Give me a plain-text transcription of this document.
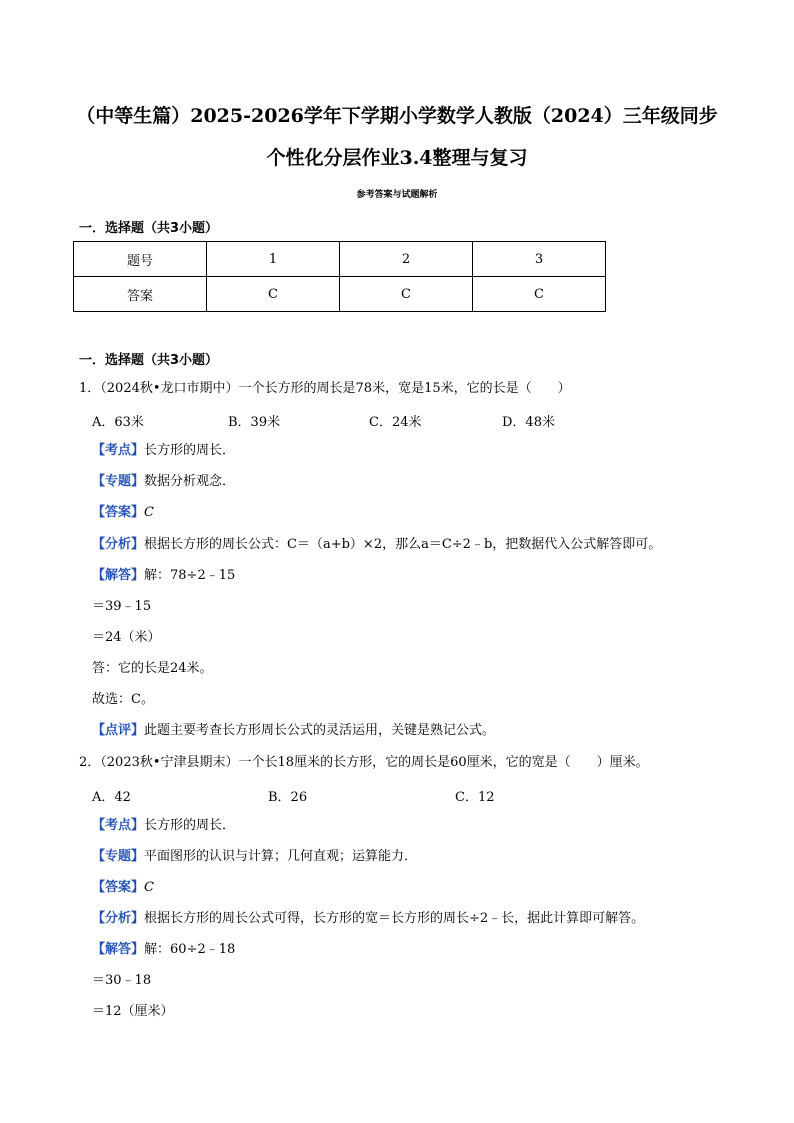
（中等生篇）2025-2026学年下学期小学数学人教版（2024）三年级同步
个性化分层作业3.4整理与复习
参考答案与试题解析
一．选择题（共3小题）
题号	1	2	3
答案	C	C	C
一．选择题（共3小题）
1．（2024秋•龙口市期中）一个长方形的周长是78米，宽是15米，它的长是（　　）
A．63米	B．39米	C．24米	D．48米
【考点】长方形的周长．
【专题】数据分析观念．
【答案】C
【分析】根据长方形的周长公式：C＝（a+b）×2，那么a＝C÷2﹣b，把数据代入公式解答即可。
【解答】解：78÷2﹣15
＝39﹣15
＝24（米）
答：它的长是24米。
故选：C。
【点评】此题主要考查长方形周长公式的灵活运用，关键是熟记公式。
2．（2023秋•宁津县期末）一个长18厘米的长方形，它的周长是60厘米，它的宽是（　　）厘米。
A．42	B．26	C．12
【考点】长方形的周长．
【专题】平面图形的认识与计算；几何直观；运算能力．
【答案】C
【分析】根据长方形的周长公式可得，长方形的宽＝长方形的周长÷2﹣长，据此计算即可解答。
【解答】解：60÷2﹣18
＝30﹣18
＝12（厘米）
